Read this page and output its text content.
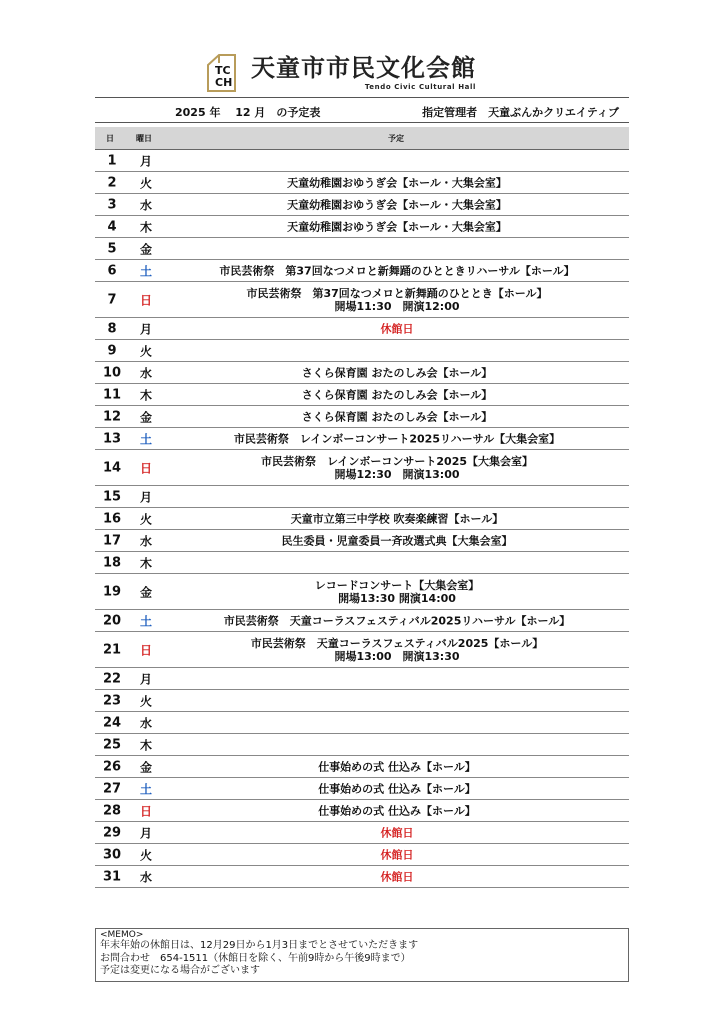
TC
CH
天童市市民文化会館
Tendo Civic Cultural Hall
2025 年　 12 月　の予定表	指定管理者　天童ぶんかクリエイティブ
日	曜日	予定
1	月
2	火	天童幼稚園おゆうぎ会【ホール・大集会室】
3	水	天童幼稚園おゆうぎ会【ホール・大集会室】
4	木	天童幼稚園おゆうぎ会【ホール・大集会室】
5	金
6	土	市民芸術祭　第37回なつメロと新舞踊のひとときリハーサル【ホール】
7	日	市民芸術祭　第37回なつメロと新舞踊のひととき【ホール】
開場11:30　開演12:00
8	月	休館日
9	火
10	水	さくら保育園 おたのしみ会【ホール】
11	木	さくら保育園 おたのしみ会【ホール】
12	金	さくら保育園 おたのしみ会【ホール】
13	土	市民芸術祭　レインボーコンサート2025リハーサル【大集会室】
14	日	市民芸術祭　レインボーコンサート2025【大集会室】
開場12:30　開演13:00
15	月
16	火	天童市立第三中学校 吹奏楽練習【ホール】
17	水	民生委員・児童委員一斉改選式典【大集会室】
18	木
19	金	レコードコンサート【大集会室】
開場13:30 開演14:00
20	土	市民芸術祭　天童コーラスフェスティバル2025リハーサル【ホール】
21	日	市民芸術祭　天童コーラスフェスティバル2025【ホール】
開場13:00　開演13:30
22	月
23	火
24	水
25	木
26	金	仕事始めの式 仕込み【ホール】
27	土	仕事始めの式 仕込み【ホール】
28	日	仕事始めの式 仕込み【ホール】
29	月	休館日
30	火	休館日
31	水	休館日
<MEMO>
年末年始の休館日は、12月29日から1月3日までとさせていただきます
お問合わせ　654-1511（休館日を除く、午前9時から午後9時まで）
予定は変更になる場合がございます
